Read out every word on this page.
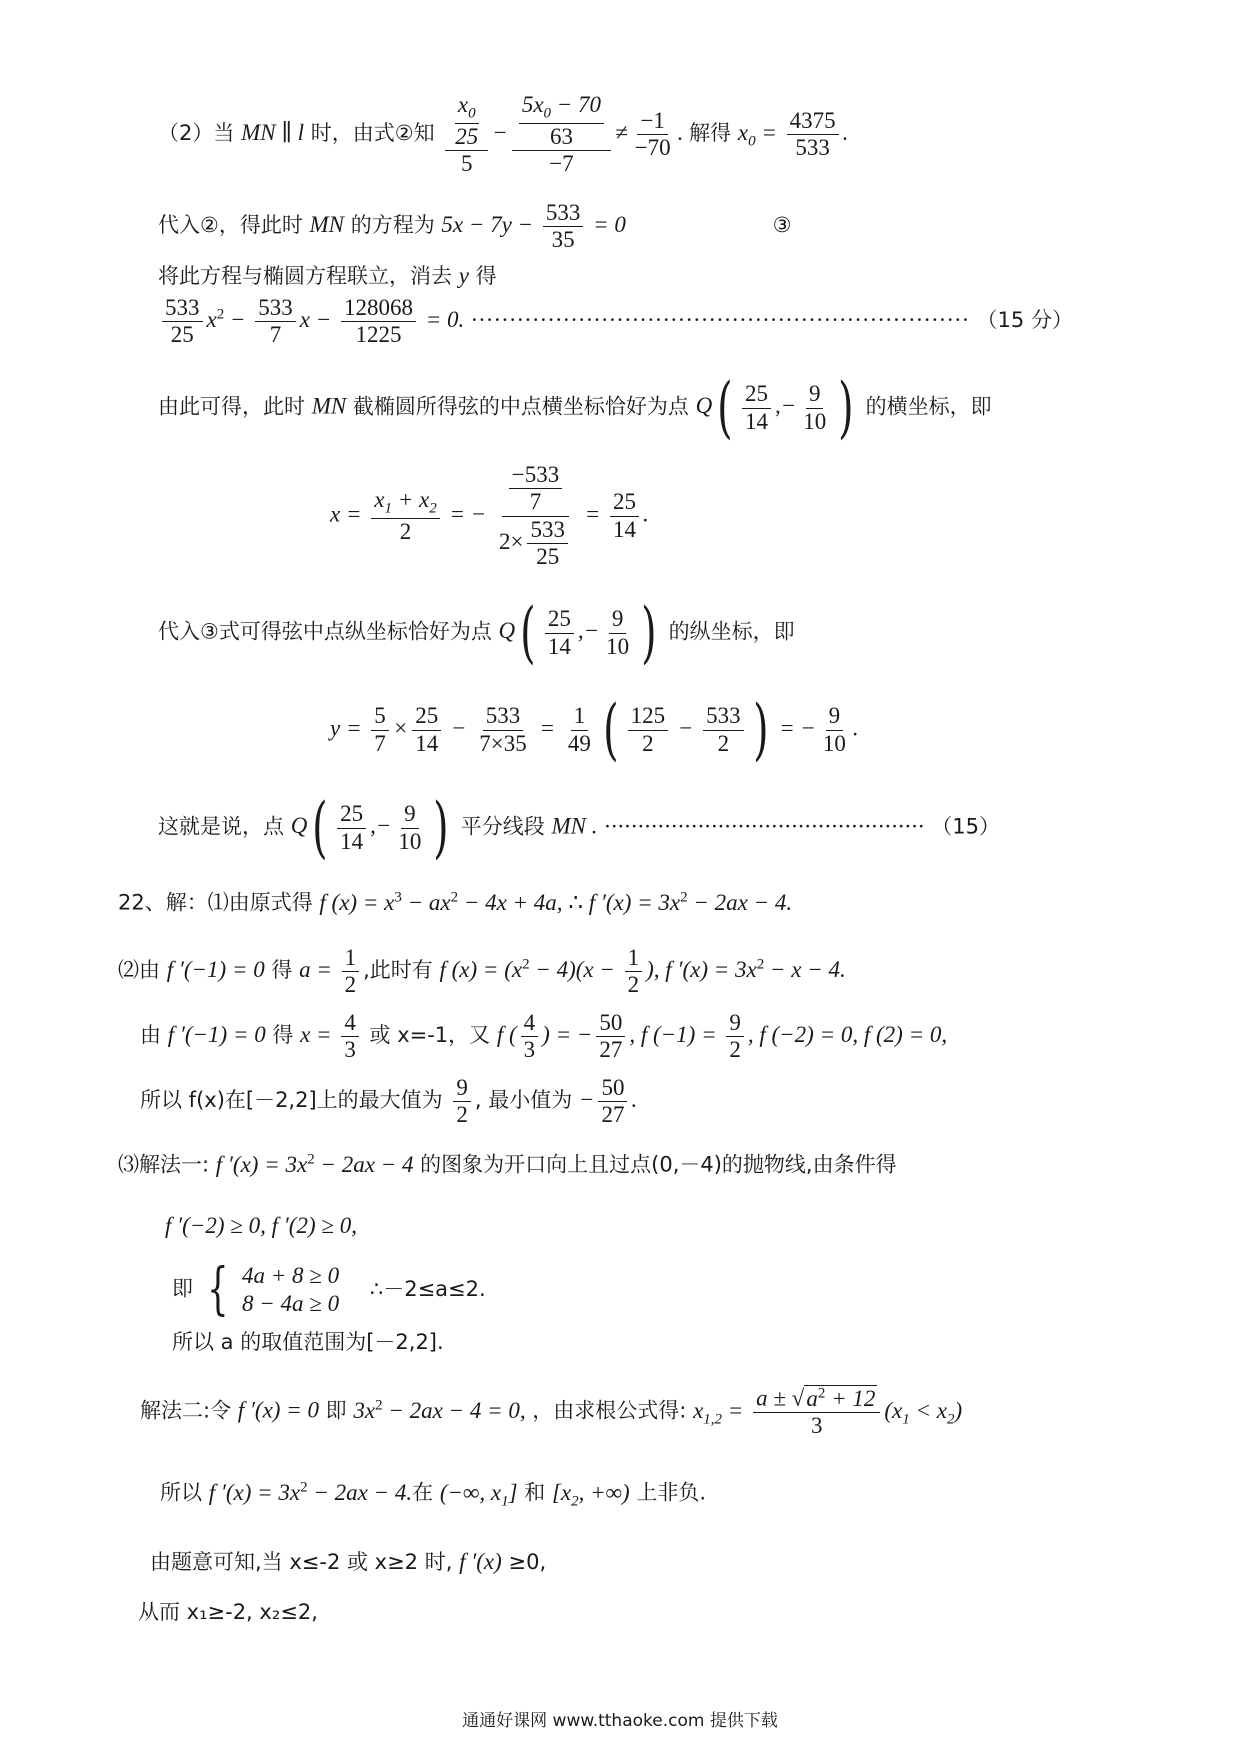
（2）当 MN ∥ l 时，由式②知 $\frac{\frac{x_0}{25}}{5} - \frac{\frac{5x_0 - 70}{63}}{-7} \ne \frac{-1}{-70}$ . 解得 $x_0 = \frac{4375}{533}$ .
代入②，得此时 MN 的方程为 $5x - 7y - \frac{533}{35} = 0$	③
将此方程与椭圆方程联立，消去 y 得
$\frac{533}{25} x^2 - \frac{533}{7}$ $x - \frac{128068}{1225} = 0$. ································································· （15 分）
由此可得，此时 MN 截椭圆所得弦的中点横坐标恰好为点 $Q( \frac{25}{14}$ ,− $\frac{9}{10}$ ) 的横坐标，即
$x = \frac{x_1 + x_2}{2}$ = − $\frac{\frac{-533}{7}}{2\times \frac{533}{25}} = \frac{25}{14}$ .
代入③式可得弦中点纵坐标恰好为点 $Q( \frac{25}{14}$ ,− $\frac{9}{10}$ ) 的纵坐标，即
$y = \frac{5}{7} \times \frac{25}{14} - \frac{533}{7\times 35} = \frac{1}{49}$ ( $\frac{125}{2} - \frac{533}{2}$ ) = − $\frac{9}{10}$ .
这就是说，点 $Q( \frac{25}{14}$ ,− $\frac{9}{10}$ ) 平分线段 MN . ················································ （15）
22、解：⑴由原式得 f $(x) = x^3 - ax^2 - 4x + 4a$, ∴ f $'(x) = 3x^2 - 2ax - 4$.
⑵由 f ′(−1) = 0 得 $a = \frac{1}{2}$ ,此时有 f $(x) = (x^2 - 4)(x - \frac{1}{2}$ ), f $'(x) = 3x^2 - x - 4$.
由 f ′(−1) = 0 得 $x = \frac{4}{3}$ 或 x=-1，又 f ( $\frac{4}{3}$ ) = − $\frac{50}{27}$ , f $(-1) = \frac{9}{2}$ , f (−2) = 0, f (2) = 0,
所以 f(x)在[－2,2]上的最大值为 $\frac{9}{2}$ , 最小值为 − $\frac{50}{27}$ .
⑶解法一: f $'(x) = 3x^2 - 2ax - 4$ 的图象为开口向上且过点(0,－4)的抛物线,由条件得
f ′(−2) ≥ 0, f ′(2) ≥ 0,
即 { 4a + 8 ≥ 0
8 − 4a ≥ 0
∴－2≤a≤2.
所以 a 的取值范围为[－2,2].
解法二:令 f ′(x) = 0 即 $3x^2 - 2ax - 4 = 0$, ，由求根公式得: $x_{1,2} = \frac{a \pm √a^2 + 12}{3} (x_1 < x_2)$
所以 f $'(x) = 3x^2 - 2ax - 4$.在 (−∞, $x_1$] 和 [$x_2$, +∞) 上非负.
由题意可知,当 x≤-2 或 x≥2 时, f ′(x) ≥0,
从而 x₁≥-2, x₂≤2,
通通好课网 www.tthaoke.com 提供下载
